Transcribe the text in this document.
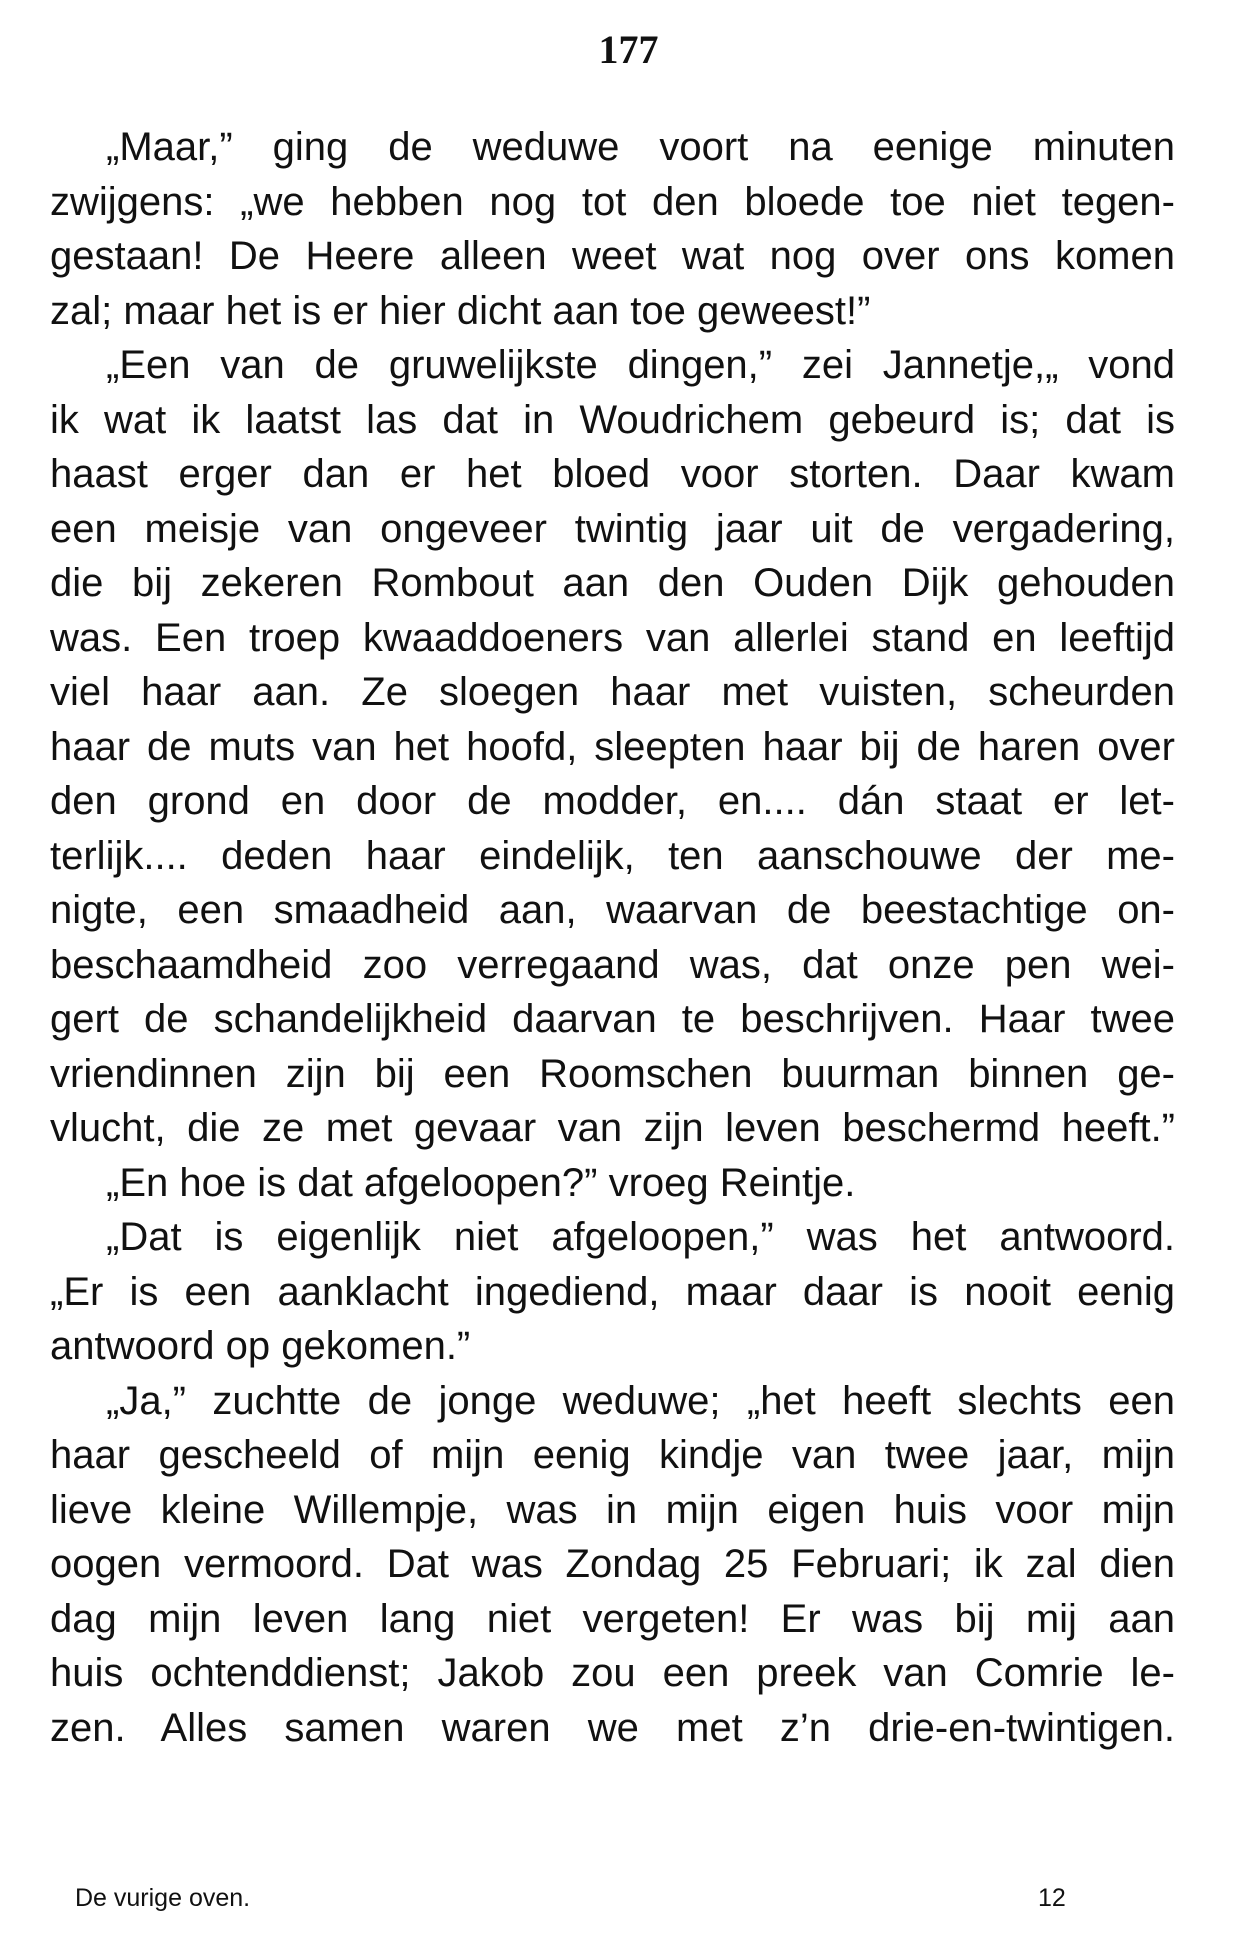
177
„Maar,” ging de weduwe voort na eenige minuten
zwijgens: „we hebben nog tot den bloede toe niet tegen-
gestaan! De Heere alleen weet wat nog over ons komen
zal; maar het is er hier dicht aan toe geweest!”
„Een van de gruwelijkste dingen,” zei Jannetje,„ vond
ik wat ik laatst las dat in Woudrichem gebeurd is; dat is
haast erger dan er het bloed voor storten. Daar kwam
een meisje van ongeveer twintig jaar uit de vergadering,
die bij zekeren Rombout aan den Ouden Dijk gehouden
was. Een troep kwaaddoeners van allerlei stand en leeftijd
viel haar aan. Ze sloegen haar met vuisten, scheurden
haar de muts van het hoofd, sleepten haar bij de haren over
den grond en door de modder, en.... dán staat er let-
terlijk.... deden haar eindelijk, ten aanschouwe der me-
nigte, een smaadheid aan, waarvan de beestachtige on-
beschaamdheid zoo verregaand was, dat onze pen wei-
gert de schandelijkheid daarvan te beschrijven. Haar twee
vriendinnen zijn bij een Roomschen buurman binnen ge-
vlucht, die ze met gevaar van zijn leven beschermd heeft.”
„En hoe is dat afgeloopen?” vroeg Reintje.
„Dat is eigenlijk niet afgeloopen,” was het antwoord.
„Er is een aanklacht ingediend, maar daar is nooit eenig
antwoord op gekomen.”
„Ja,” zuchtte de jonge weduwe; „het heeft slechts een
haar gescheeld of mijn eenig kindje van twee jaar, mijn
lieve kleine Willempje, was in mijn eigen huis voor mijn
oogen vermoord. Dat was Zondag 25 Februari; ik zal dien
dag mijn leven lang niet vergeten! Er was bij mij aan
huis ochtenddienst; Jakob zou een preek van Comrie le-
zen. Alles samen waren we met z’n drie-en-twintigen.
De vurige oven.	12
